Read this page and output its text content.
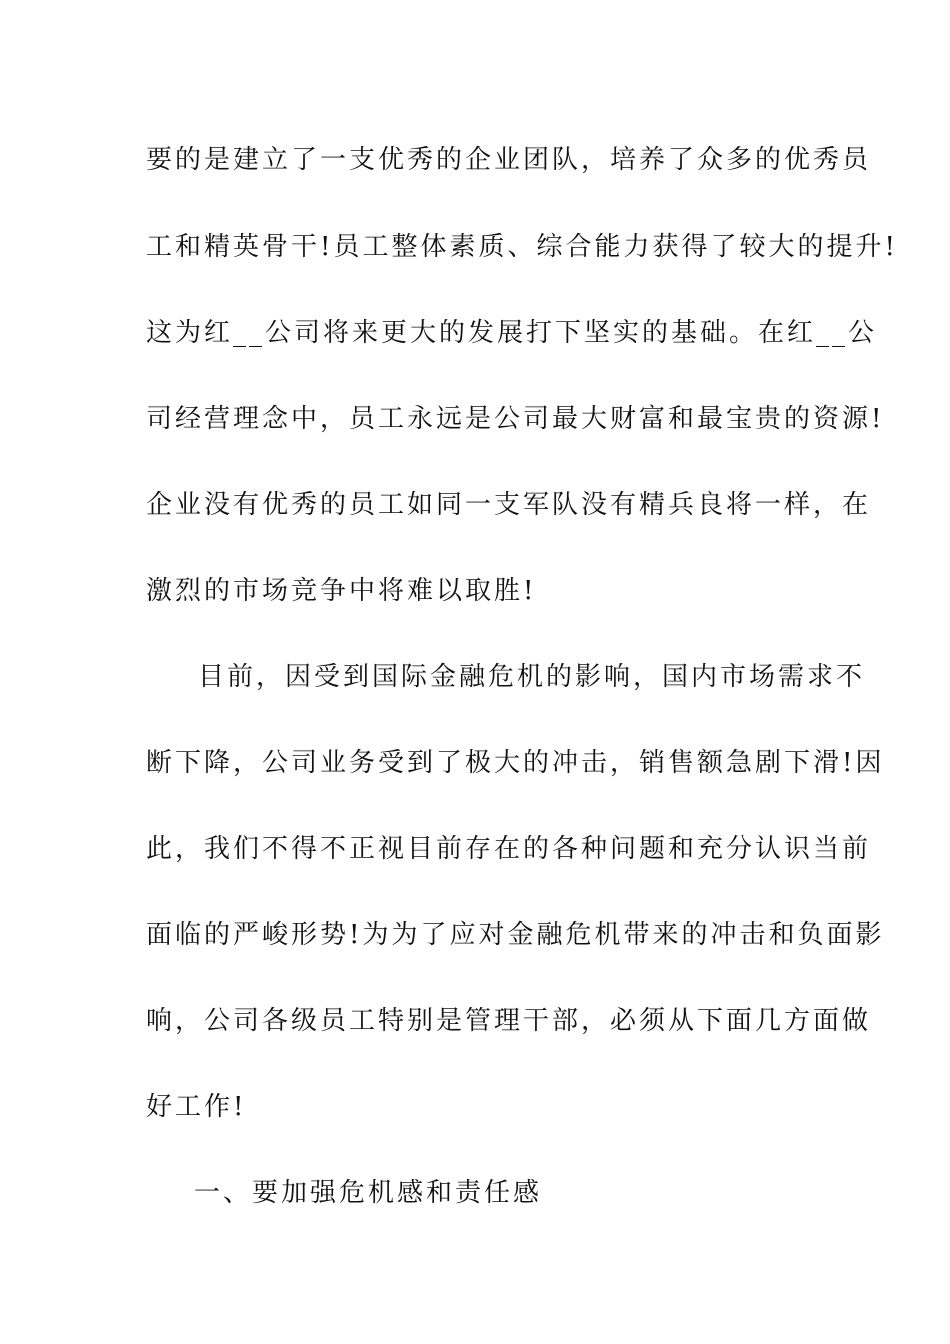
要的是建立了一支优秀的企业团队，培养了众多的优秀员
工和精英骨干!员工整体素质、综合能力获得了较大的提升!
这为红__公司将来更大的发展打下坚实的基础。在红__公
司经营理念中，员工永远是公司最大财富和最宝贵的资源!
企业没有优秀的员工如同一支军队没有精兵良将一样，在
激烈的市场竞争中将难以取胜!
目前，因受到国际金融危机的影响，国内市场需求不
断下降，公司业务受到了极大的冲击，销售额急剧下滑!因
此，我们不得不正视目前存在的各种问题和充分认识当前
面临的严峻形势!为为了应对金融危机带来的冲击和负面影
响，公司各级员工特别是管理干部，必须从下面几方面做
好工作!
一、要加强危机感和责任感
